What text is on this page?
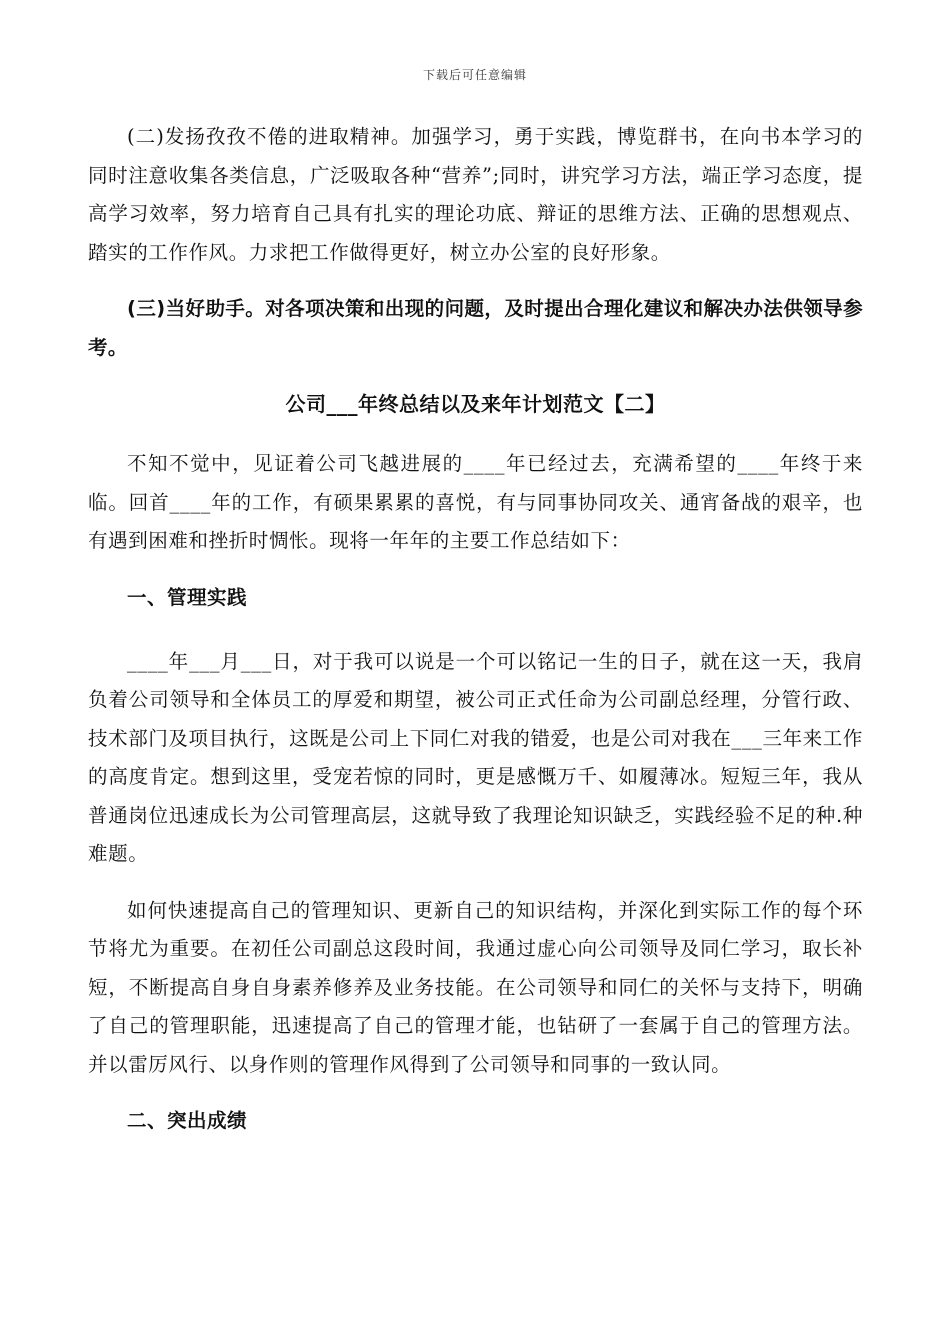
下载后可任意编辑

(二)发扬孜孜不倦的进取精神。加强学习，勇于实践，博览群书，在向书本学习的同时注意收集各类信息，广泛吸取各种“营养”;同时，讲究学习方法，端正学习态度，提高学习效率，努力培育自己具有扎实的理论功底、辩证的思维方法、正确的思想观点、踏实的工作作风。力求把工作做得更好，树立办公室的良好形象。

(三)当好助手。对各项决策和出现的问题，及时提出合理化建议和解决办法供领导参考。

公司___年终总结以及来年计划范文【二】

不知不觉中，见证着公司飞越进展的____年已经过去，充满希望的____年终于来临。回首____年的工作，有硕果累累的喜悦，有与同事协同攻关、通宵备战的艰辛，也有遇到困难和挫折时惆怅。现将一年年的主要工作总结如下：

一、管理实践

____年___月___日，对于我可以说是一个可以铭记一生的日子，就在这一天，我肩负着公司领导和全体员工的厚爱和期望，被公司正式任命为公司副总经理，分管行政、技术部门及项目执行，这既是公司上下同仁对我的错爱，也是公司对我在___三年来工作的高度肯定。想到这里，受宠若惊的同时，更是感慨万千、如履薄冰。短短三年，我从普通岗位迅速成长为公司管理高层，这就导致了我理论知识缺乏，实践经验不足的种.种难题。

如何快速提高自己的管理知识、更新自己的知识结构，并深化到实际工作的每个环节将尤为重要。在初任公司副总这段时间，我通过虚心向公司领导及同仁学习，取长补短，不断提高自身自身素养修养及业务技能。在公司领导和同仁的关怀与支持下，明确了自己的管理职能，迅速提高了自己的管理才能，也钻研了一套属于自己的管理方法。并以雷厉风行、以身作则的管理作风得到了公司领导和同事的一致认同。

二、突出成绩
